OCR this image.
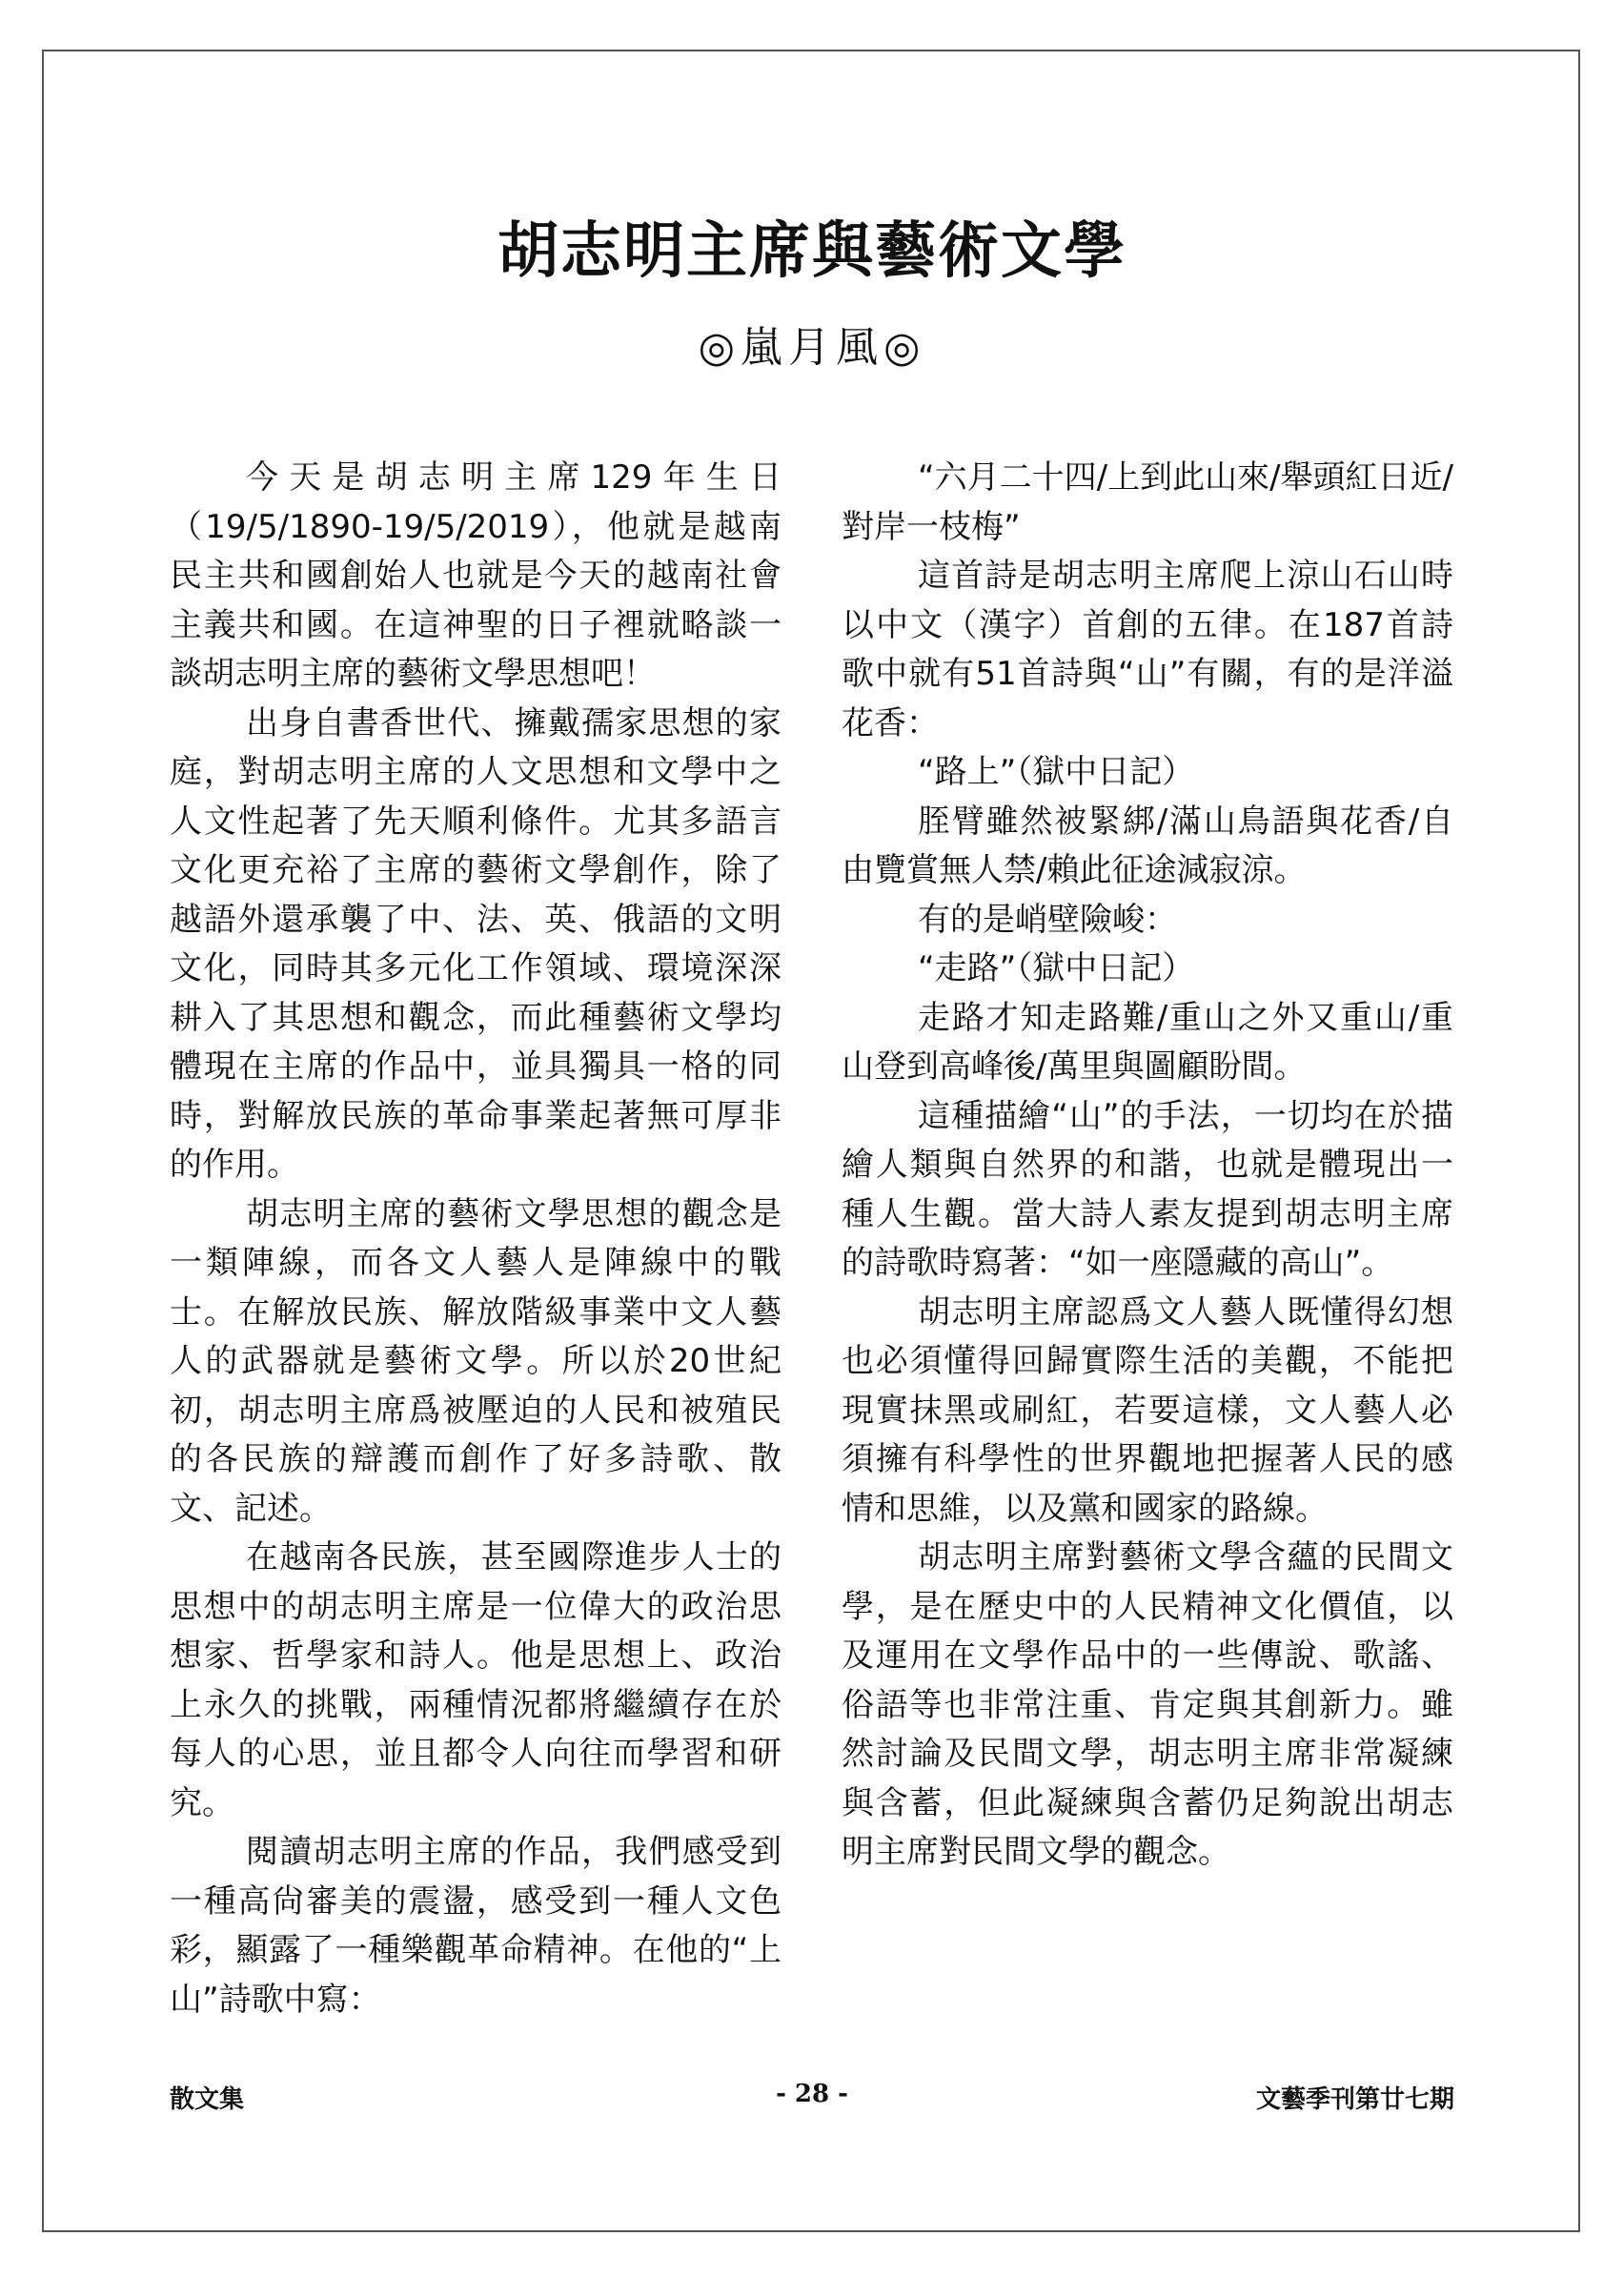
胡志明主席與藝術文學
◎嵐月風◎

今天是胡志明主席129年生日（19/5/1890-19/5/2019），他就是越南民主共和國創始人也就是今天的越南社會主義共和國。在這神聖的日子裡就略談一談胡志明主席的藝術文學思想吧！

出身自書香世代、擁戴孺家思想的家庭，對胡志明主席的人文思想和文學中之人文性起著了先天順利條件。尤其多語言文化更充裕了主席的藝術文學創作，除了越語外還承襲了中、法、英、俄語的文明文化，同時其多元化工作領域、環境深深耕入了其思想和觀念，而此種藝術文學均體現在主席的作品中，並具獨具一格的同時，對解放民族的革命事業起著無可厚非的作用。

胡志明主席的藝術文學思想的觀念是一類陣線，而各文人藝人是陣線中的戰士。在解放民族、解放階級事業中文人藝人的武器就是藝術文學。所以於20世紀初，胡志明主席爲被壓迫的人民和被殖民的各民族的辯護而創作了好多詩歌、散文、記述。

在越南各民族，甚至國際進步人士的思想中的胡志明主席是一位偉大的政治思想家、哲學家和詩人。他是思想上、政治上永久的挑戰，兩種情況都將繼續存在於每人的心思，並且都令人向往而學習和研究。

閱讀胡志明主席的作品，我們感受到一種高尙審美的震盪，感受到一種人文色彩，顯露了一種樂觀革命精神。在他的“上山”詩歌中寫：

“六月二十四/上到此山來/舉頭紅日近/對岸一枝梅”

這首詩是胡志明主席爬上涼山石山時以中文（漢字）首創的五律。在187首詩歌中就有51首詩與“山”有關，有的是洋溢花香：

“路上”（獄中日記）

胵臂雖然被緊綁/滿山鳥語與花香/自由覽賞無人禁/賴此征途減寂涼。

有的是峭壁險峻：

“走路”（獄中日記）

走路才知走路難/重山之外又重山/重山登到高峰後/萬里與圖顧盼間。

這種描繪“山”的手法，一切均在於描繪人類與自然界的和諧，也就是體現出一種人生觀。當大詩人素友提到胡志明主席的詩歌時寫著：“如一座隱藏的高山”。

胡志明主席認爲文人藝人既懂得幻想也必須懂得回歸實際生活的美觀，不能把現實抹黑或刷紅，若要這樣，文人藝人必須擁有科學性的世界觀地把握著人民的感情和思維，以及黨和國家的路線。

胡志明主席對藝術文學含蘊的民間文學，是在歷史中的人民精神文化價值，以及運用在文學作品中的一些傳說、歌謠、俗語等也非常注重、肯定與其創新力。雖然討論及民間文學，胡志明主席非常凝練與含蓄，但此凝練與含蓄仍足夠說出胡志明主席對民間文學的觀念。

散文集	- 28 -	文藝季刊第廿七期
